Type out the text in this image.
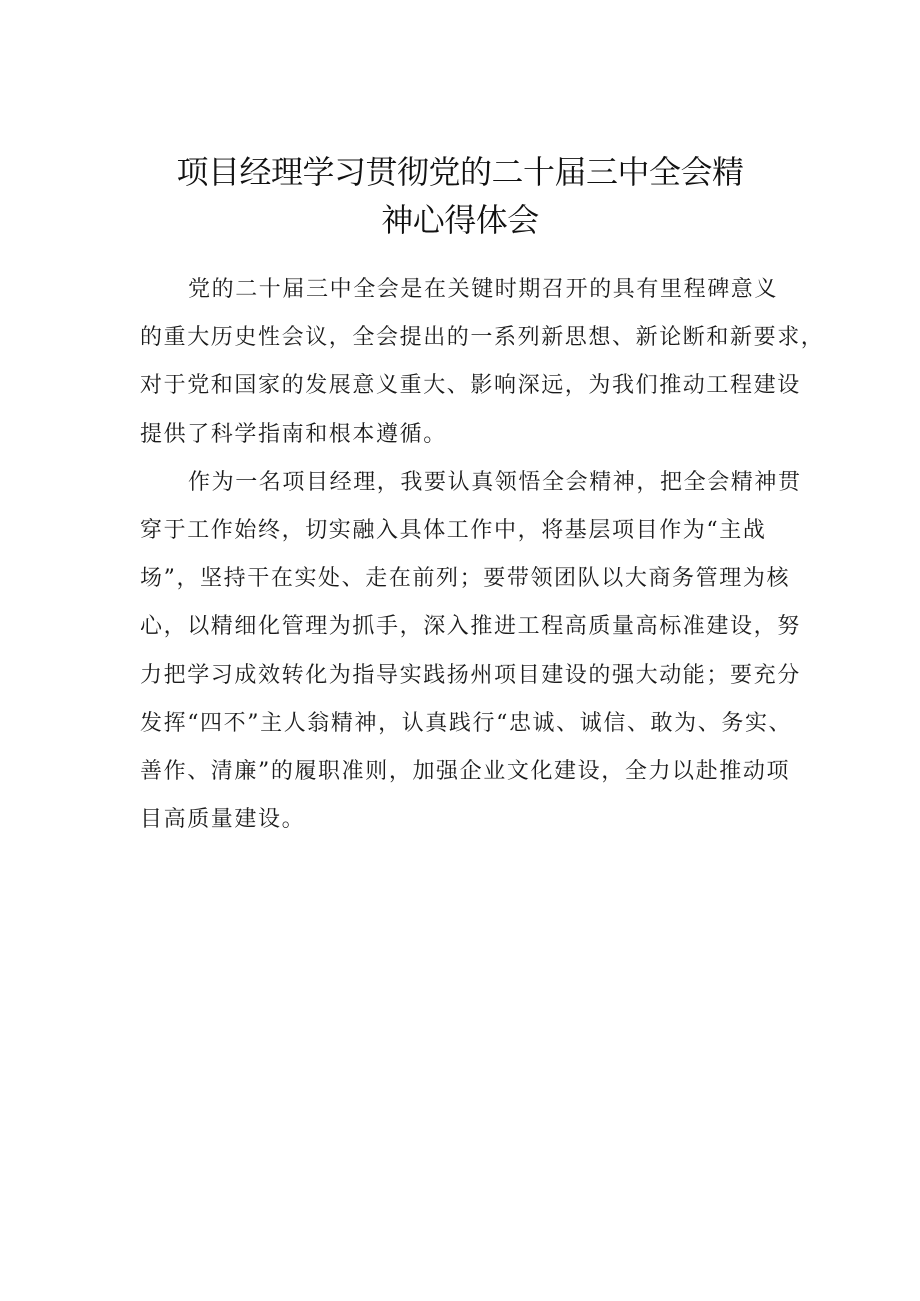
项目经理学习贯彻党的二十届三中全会精
神心得体会
党的二十届三中全会是在关键时期召开的具有里程碑意义
的重大历史性会议，全会提出的一系列新思想、新论断和新要求，
对于党和国家的发展意义重大、影响深远，为我们推动工程建设
提供了科学指南和根本遵循。
作为一名项目经理，我要认真领悟全会精神，把全会精神贯
穿于工作始终，切实融入具体工作中，将基层项目作为“主战
场”，坚持干在实处、走在前列；要带领团队以大商务管理为核
心，以精细化管理为抓手，深入推进工程高质量高标准建设，努
力把学习成效转化为指导实践扬州项目建设的强大动能；要充分
发挥“四不”主人翁精神，认真践行“忠诚、诚信、敢为、务实、
善作、清廉”的履职准则，加强企业文化建设，全力以赴推动项
目高质量建设。
